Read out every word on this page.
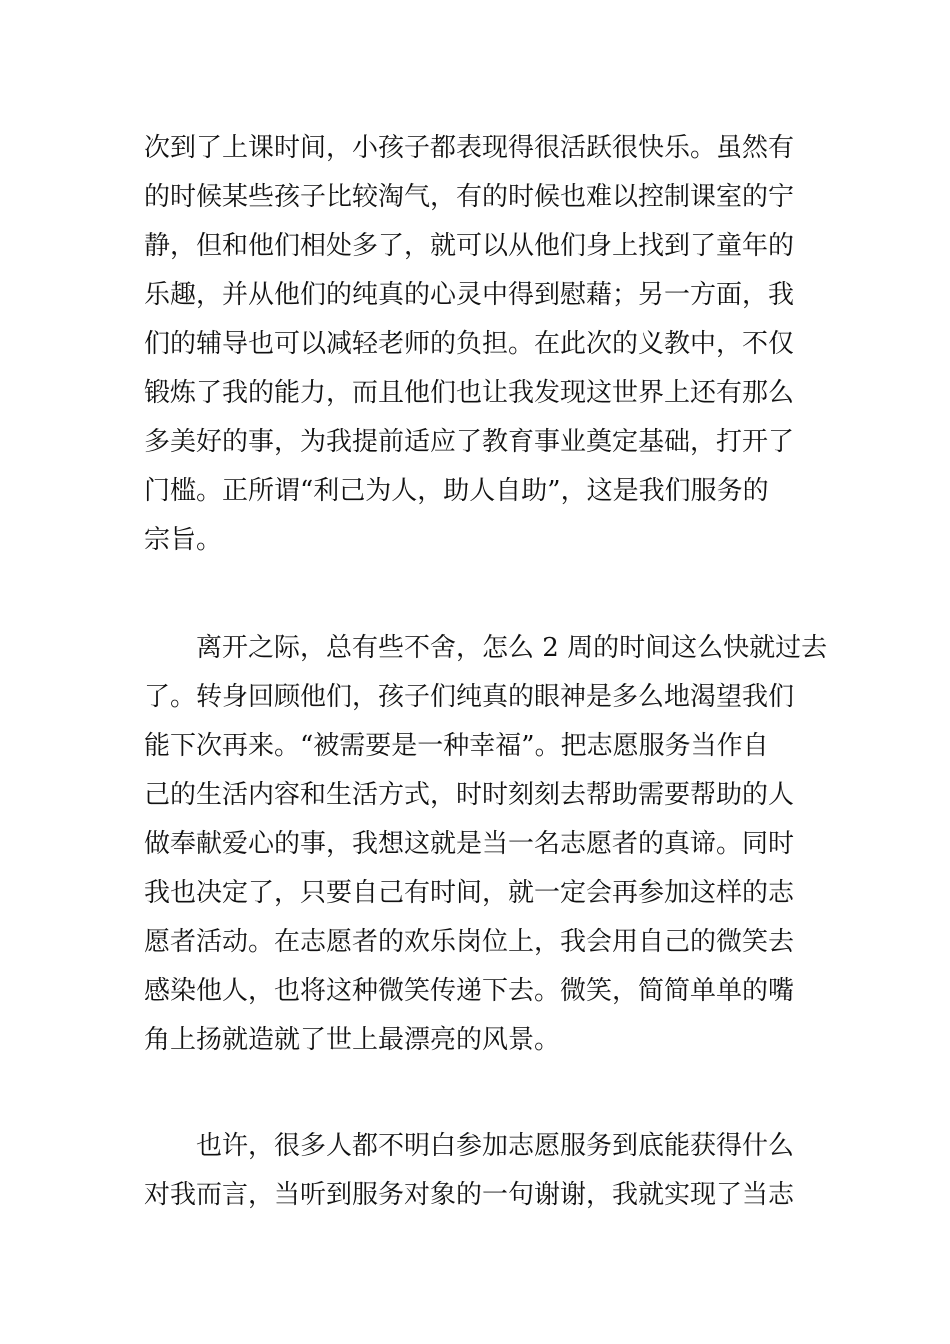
次到了上课时间，小孩子都表现得很活跃很快乐。虽然有
的时候某些孩子比较淘气，有的时候也难以控制课室的宁
静，但和他们相处多了，就可以从他们身上找到了童年的
乐趣，并从他们的纯真的心灵中得到慰藉；另一方面，我
们的辅导也可以减轻老师的负担。在此次的义教中，不仅
锻炼了我的能力，而且他们也让我发现这世界上还有那么
多美好的事，为我提前适应了教育事业奠定基础，打开了
门槛。正所谓“利己为人，助人自助”，这是我们服务的
宗旨。

离开之际，总有些不舍，怎么 2 周的时间这么快就过去
了。转身回顾他们，孩子们纯真的眼神是多么地渴望我们
能下次再来。“被需要是一种幸福”。把志愿服务当作自
己的生活内容和生活方式，时时刻刻去帮助需要帮助的人
做奉献爱心的事，我想这就是当一名志愿者的真谛。同时
我也决定了，只要自己有时间，就一定会再参加这样的志
愿者活动。在志愿者的欢乐岗位上，我会用自己的微笑去
感染他人，也将这种微笑传递下去。微笑，简简单单的嘴
角上扬就造就了世上最漂亮的风景。

也许，很多人都不明白参加志愿服务到底能获得什么
对我而言，当听到服务对象的一句谢谢，我就实现了当志
